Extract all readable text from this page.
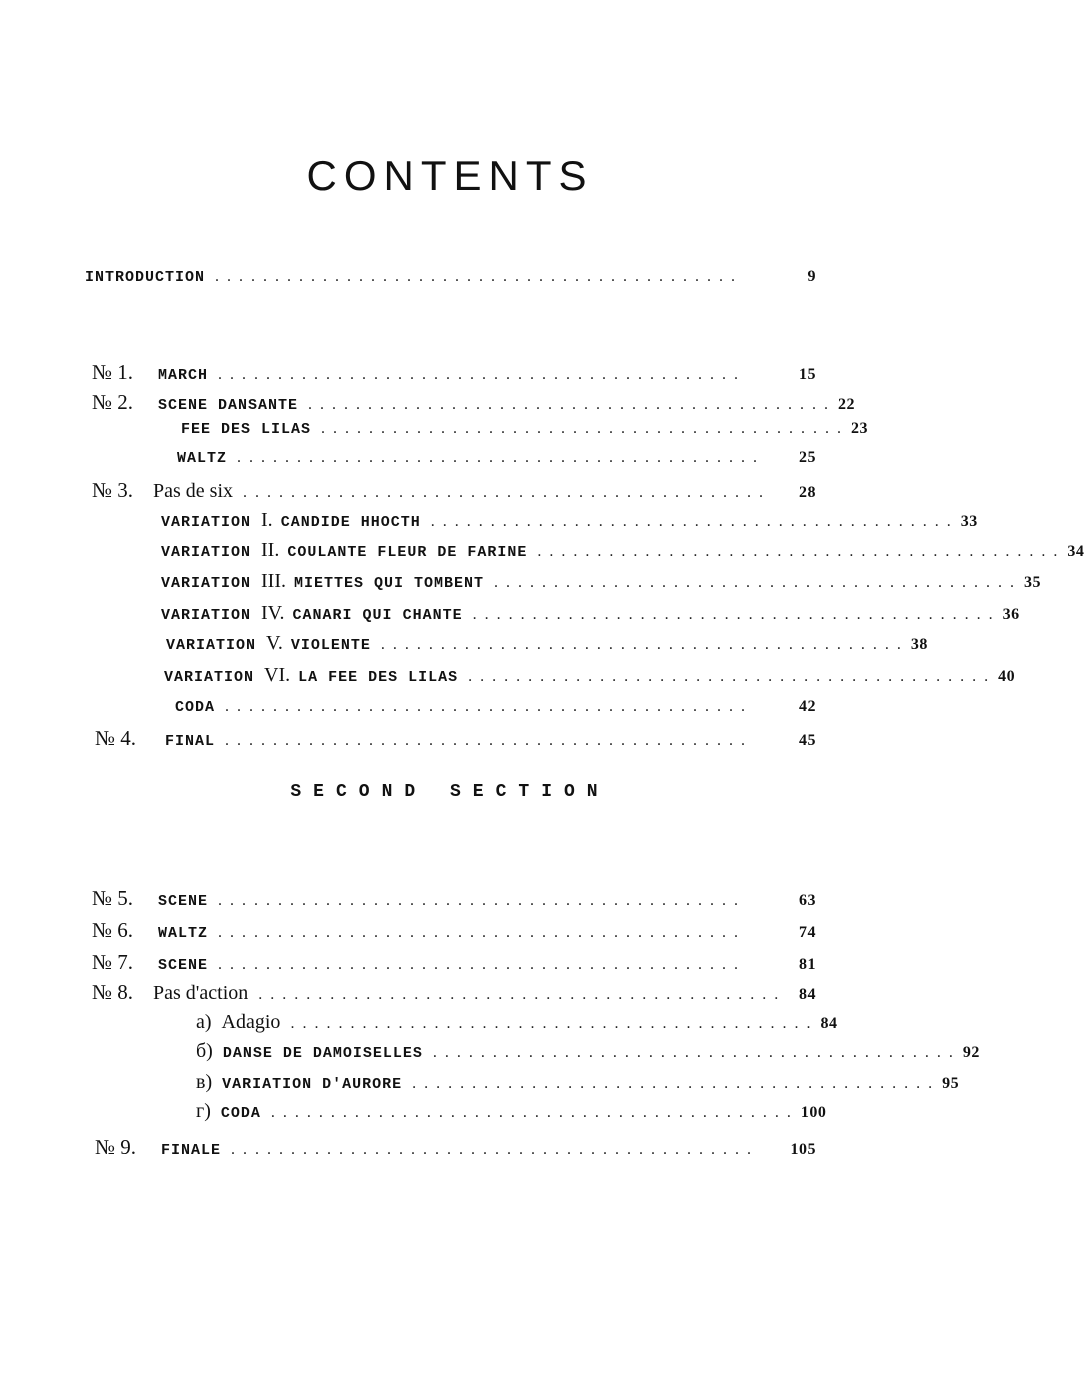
CONTENTS
INTRODUCTION ............................................	9
№ 1.	MARCH ............................................	15
№ 2.	SCENE DANSANTE ............................................ 22
FEE DES LILAS ............................................ 23
WALTZ ............................................	25
№ 3. Pas de six ............................................	28
VARIATION I. CANDIDE НHOCTH ............................................ 33
VARIATION II. COULANTE FLEUR DE FARINE ............................................ 34
VARIATION III. MIETTES QUI TOMBENT ............................................ 35
VARIATION IV. CANARI QUI CHANTE ............................................ 36
VARIATION V. VIOLENTE ............................................ 38
VARIATION VI. LA FEE DES LILAS ............................................ 40
CODA ............................................	42
№ 4.	FINAL ............................................	45
SECOND SECTION
№ 5.	SCENE ............................................	63
№ 6.	WALTZ ............................................	74
№ 7.	SCENE ............................................	81
№ 8. Pas d'action ............................................ 84
a) Adagio ............................................ 84
б) DANSE DE DAMOISELLES ............................................ 92
в) VARIATION D'AURORE ............................................ 95
г) CODA ............................................ 100
№ 9.	FINALE ............................................	105
